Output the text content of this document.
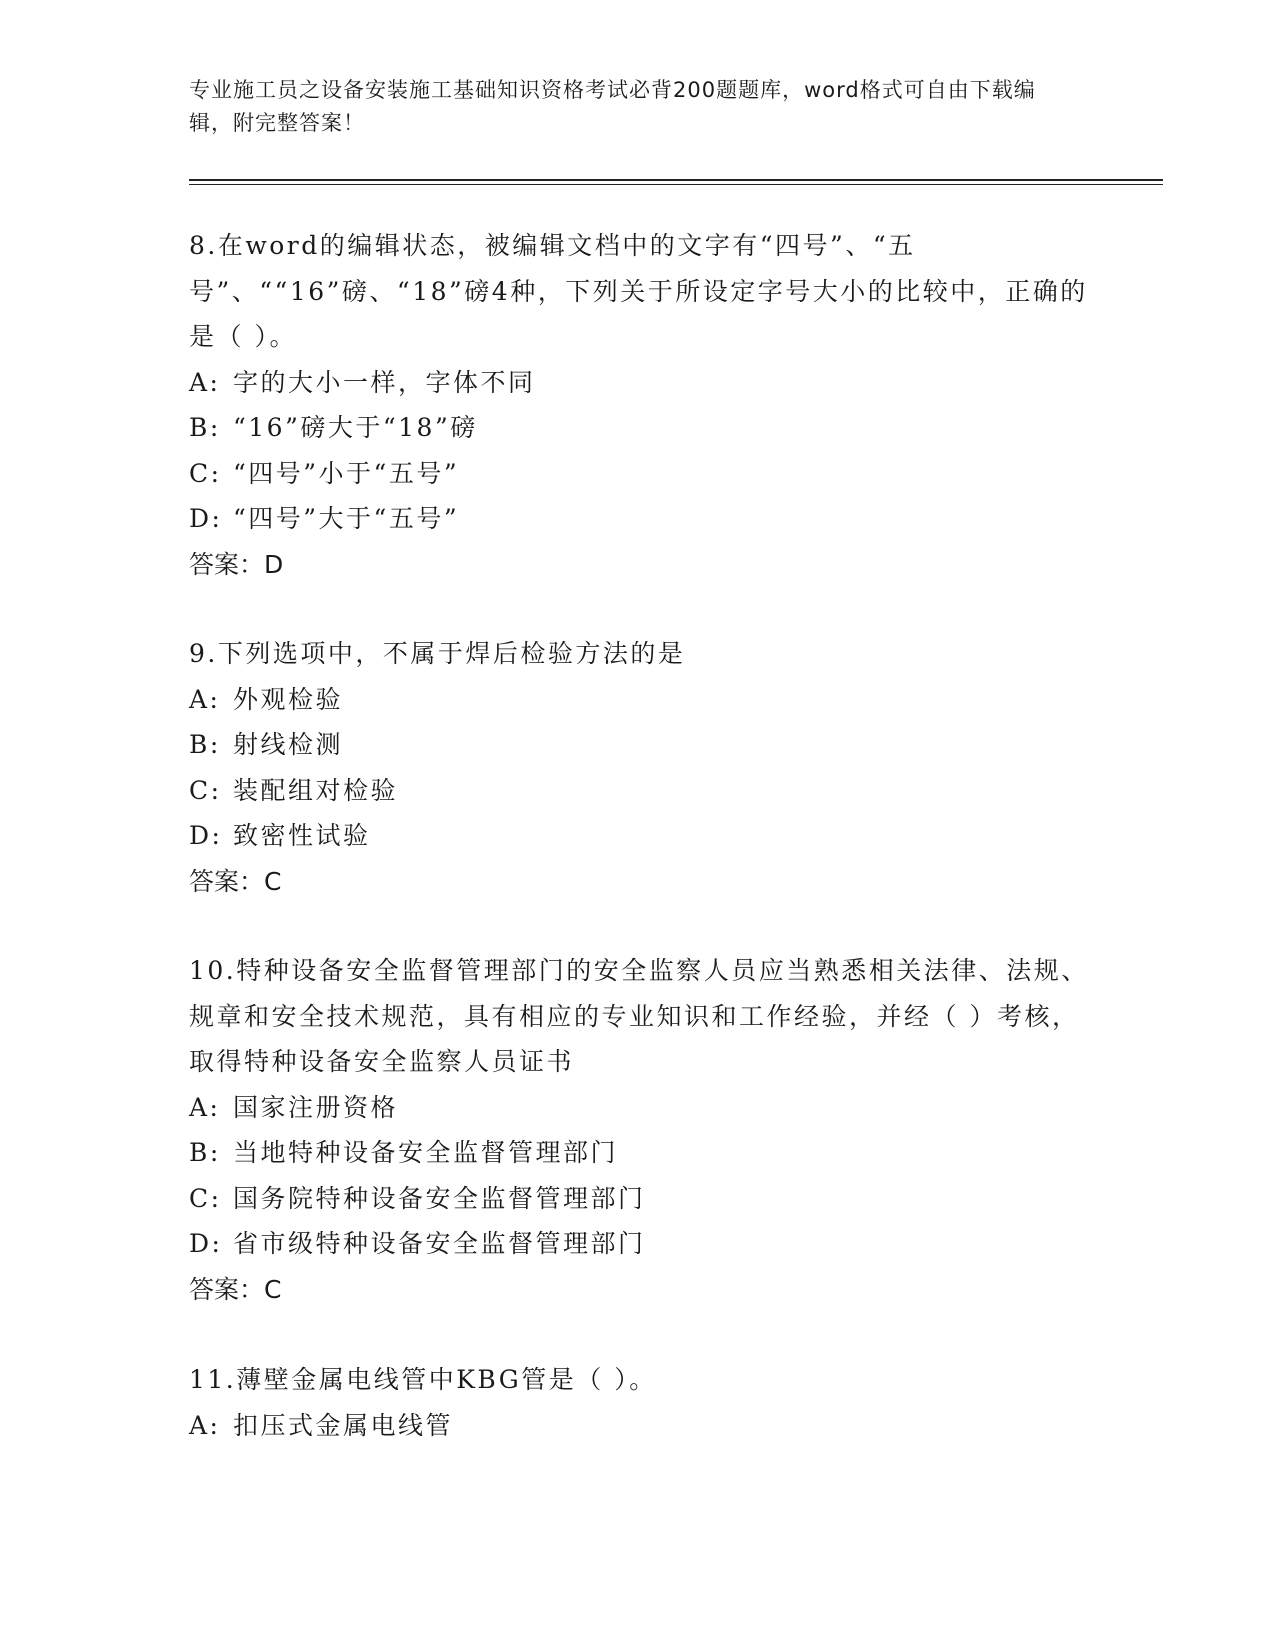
专业施工员之设备安装施工基础知识资格考试必背200题题库，word格式可自由下载编辑，附完整答案！

8.在word的编辑状态，被编辑文档中的文字有“四号”、“五号”、““16”磅、“18”磅4种，下列关于所设定字号大小的比较中，正确的是（ ）。

A: 字的大小一样，字体不同

B: “16”磅大于“18”磅

C: “四号”小于“五号”

D: “四号”大于“五号”

答案：D

9.下列选项中，不属于焊后检验方法的是

A: 外观检验

B: 射线检测

C: 装配组对检验

D: 致密性试验

答案：C

10.特种设备安全监督管理部门的安全监察人员应当熟悉相关法律、法规、规章和安全技术规范，具有相应的专业知识和工作经验，并经（ ）考核，取得特种设备安全监察人员证书

A: 国家注册资格

B: 当地特种设备安全监督管理部门

C: 国务院特种设备安全监督管理部门

D: 省市级特种设备安全监督管理部门

答案：C

11.薄壁金属电线管中KBG管是（ ）。

A: 扣压式金属电线管
